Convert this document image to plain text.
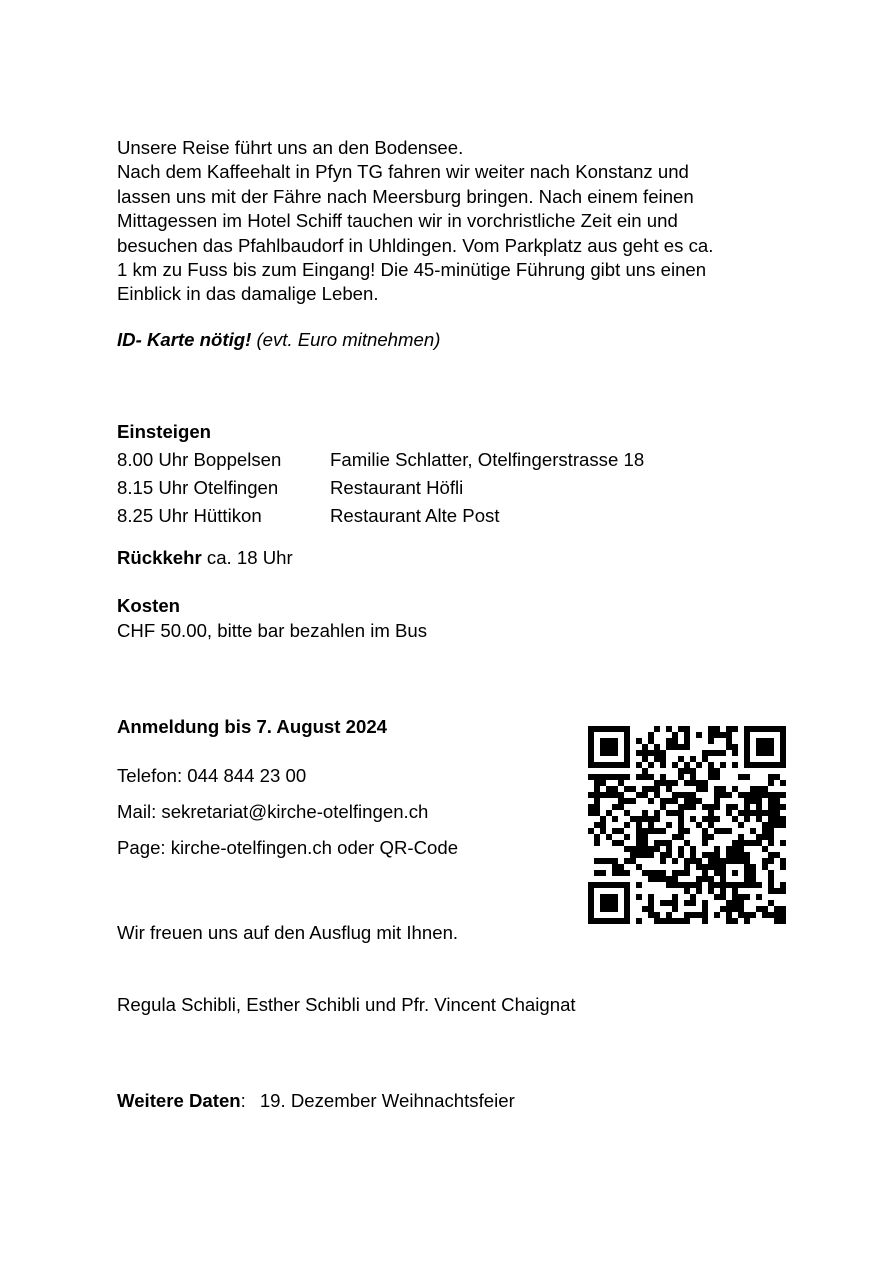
Unsere Reise führt uns an den Bodensee.
Nach dem Kaffeehalt in Pfyn TG fahren wir weiter nach Konstanz und
lassen uns mit der Fähre nach Meersburg bringen. Nach einem feinen
Mittagessen im Hotel Schiff tauchen wir in vorchristliche Zeit ein und
besuchen das Pfahlbaudorf in Uhldingen. Vom Parkplatz aus geht es ca.
1 km zu Fuss bis zum Eingang! Die 45-minütige Führung gibt uns einen
Einblick in das damalige Leben.
ID- Karte nötig! (evt. Euro mitnehmen)
Einsteigen
8.00 Uhr Boppelsen	Familie Schlatter, Otelfingerstrasse 18
8.15 Uhr Otelfingen	Restaurant Höfli
8.25 Uhr Hüttikon	Restaurant Alte Post
Rückkehr ca. 18 Uhr
Kosten
CHF 50.00, bitte bar bezahlen im Bus
Anmeldung bis 7. August 2024
Telefon: 044 844 23 00
Mail: sekretariat@kirche-otelfingen.ch
Page: kirche-otelfingen.ch oder QR-Code
Wir freuen uns auf den Ausflug mit Ihnen.
Regula Schibli, Esther Schibli und Pfr. Vincent Chaignat
Weitere Daten: 19. Dezember Weihnachtsfeier
